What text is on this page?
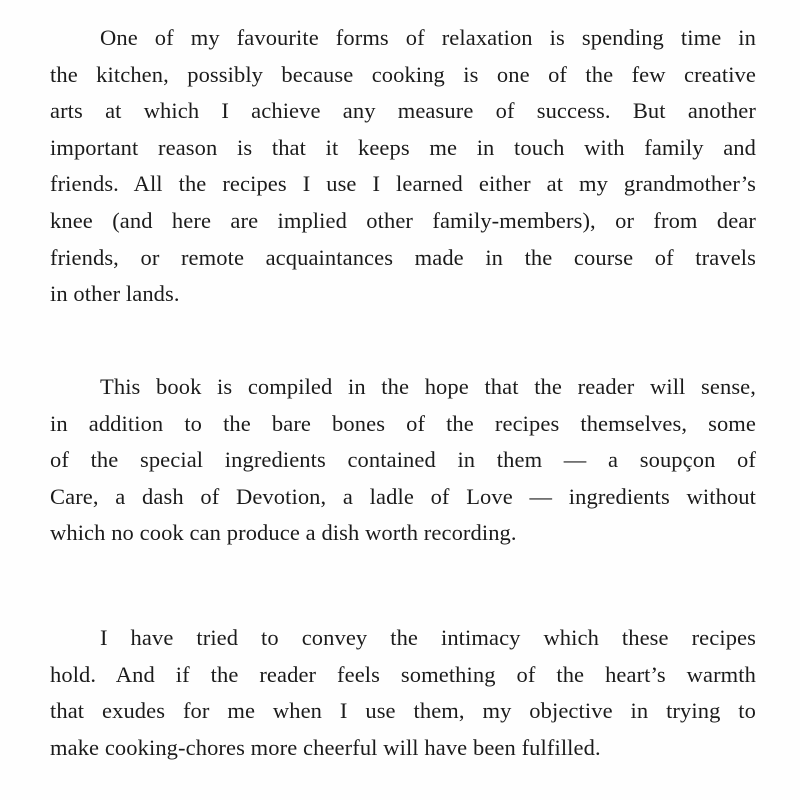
One of my favourite forms of relaxation is spending time in
the kitchen, possibly because cooking is one of the few creative
arts at which I achieve any measure of success. But another
important reason is that it keeps me in touch with family and
friends. All the recipes I use I learned either at my grandmother’s
knee (and here are implied other family-members), or from dear
friends, or remote acquaintances made in the course of travels
in other lands.
This book is compiled in the hope that the reader will sense,
in addition to the bare bones of the recipes themselves, some
of the special ingredients contained in them — a soupçon of
Care, a dash of Devotion, a ladle of Love — ingredients without
which no cook can produce a dish worth recording.
I have tried to convey the intimacy which these recipes
hold. And if the reader feels something of the heart’s warmth
that exudes for me when I use them, my objective in trying to
make cooking-chores more cheerful will have been fulfilled.
